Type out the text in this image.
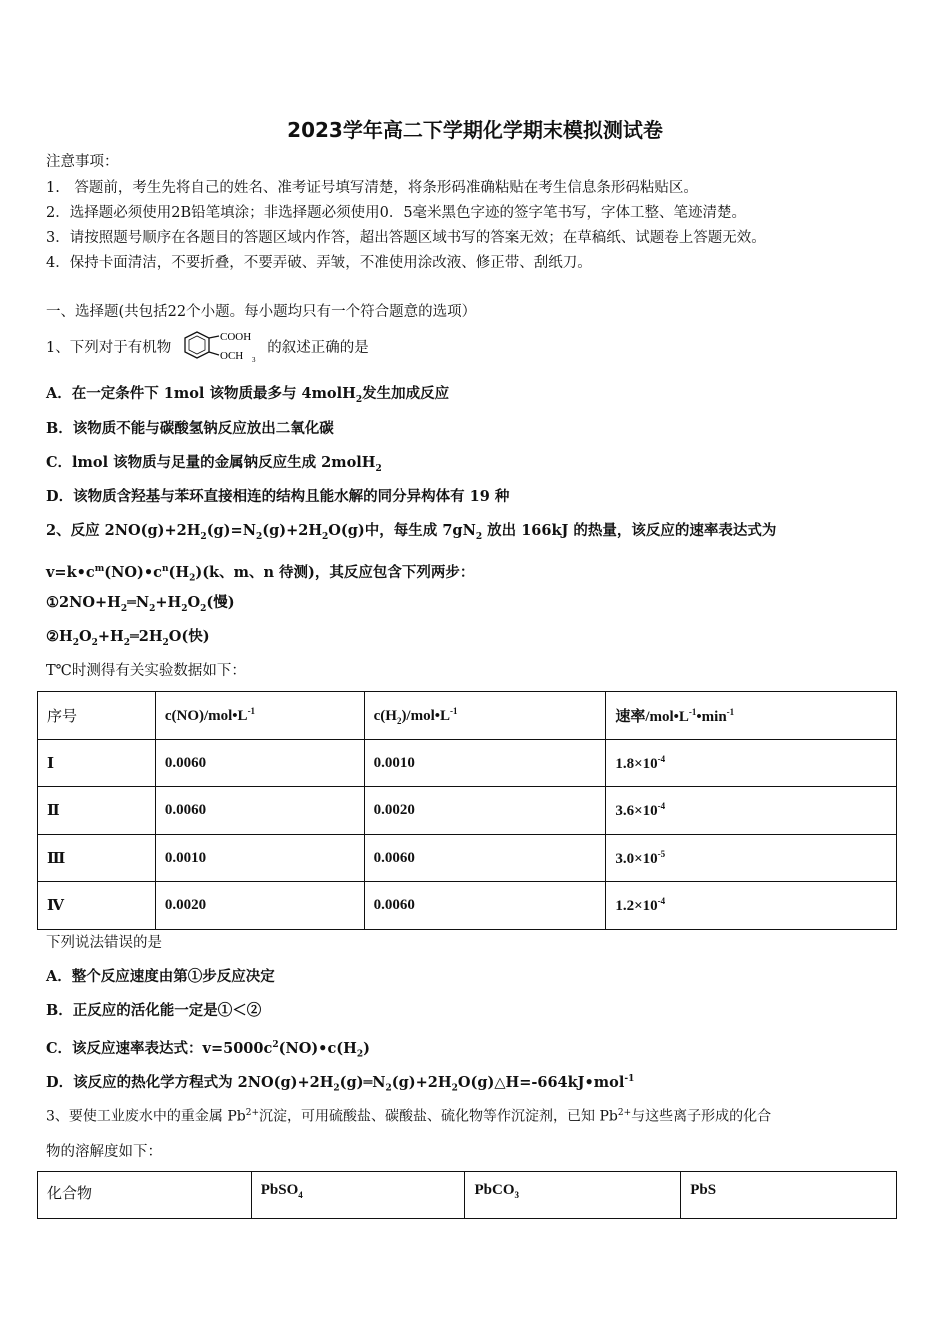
2023学年高二下学期化学期末模拟测试卷
注意事项：
1.　答题前，考生先将自己的姓名、准考证号填写清楚，将条形码准确粘贴在考生信息条形码粘贴区。
2．选择题必须使用2B铅笔填涂；非选择题必须使用0．5毫米黑色字迹的签字笔书写，字体工整、笔迹清楚。
3．请按照题号顺序在各题目的答题区域内作答，超出答题区域书写的答案无效；在草稿纸、试题卷上答题无效。
4．保持卡面清洁，不要折叠，不要弄破、弄皱，不准使用涂改液、修正带、刮纸刀。
一、选择题(共包括22个小题。每小题均只有一个符合题意的选项）
1、下列对于有机物
COOH
OCH 3
的叙述正确的是
A．在一定条件下 1mol 该物质最多与 4molH$_2$发生加成反应
B．该物质不能与碳酸氢钠反应放出二氧化碳
C．lmol 该物质与足量的金属钠反应生成 2molH$_2$
D．该物质含羟基与苯环直接相连的结构且能水解的同分异构体有 19 种
2、反应 $2NO(g)+2H_2(g)=N_2(g)+2H_2O(g)$中，每生成 $7gN_2$ 放出 166kJ 的热量，该反应的速率表达式为
$v=k•c^m(NO)•c^n(H_2)(k$、m、n 待测)，其反应包含下列两步：
$①2NO+H_2═N_2+H_2O_2$(慢)
$②H_2O_2+H_2═2H_2O$(快)
T℃时测得有关实验数据如下：
序号	$c(NO)/mol•L^{-1}$	$c(H_2)/mol•L^{-1}$	速率$/mol•L^{-1}•\min^{-1}$
Ⅰ	0.0060	0.0010	$1.8\times 10^{-4}$
Ⅱ	0.0060	0.0020	$3.6\times 10^{-4}$
Ⅲ	0.0010	0.0060	$3.0\times 10^{-5}$
Ⅳ	0.0020	0.0060	$1.2\times 10^{-4}$
下列说法错误的是
A．整个反应速度由第①步反应决定
B．正反应的活化能一定是①＜②
C．该反应速率表达式：$v=5000c^2(NO)•c(H_2)$
D．该反应的热化学方程式为 $2NO(g)+2H_2(g)═N_2(g)+2H_2O(g)\triangle H=-664kJ•mol^{-1}$
3、要使工业废水中的重金属 $Pb^{2+}$沉淀，可用硫酸盐、碳酸盐、硫化物等作沉淀剂，已知 $Pb^{2+}$与这些离子形成的化合
物的溶解度如下：
化合物	PbSO$_4$	PbCO$_3$	PbS
